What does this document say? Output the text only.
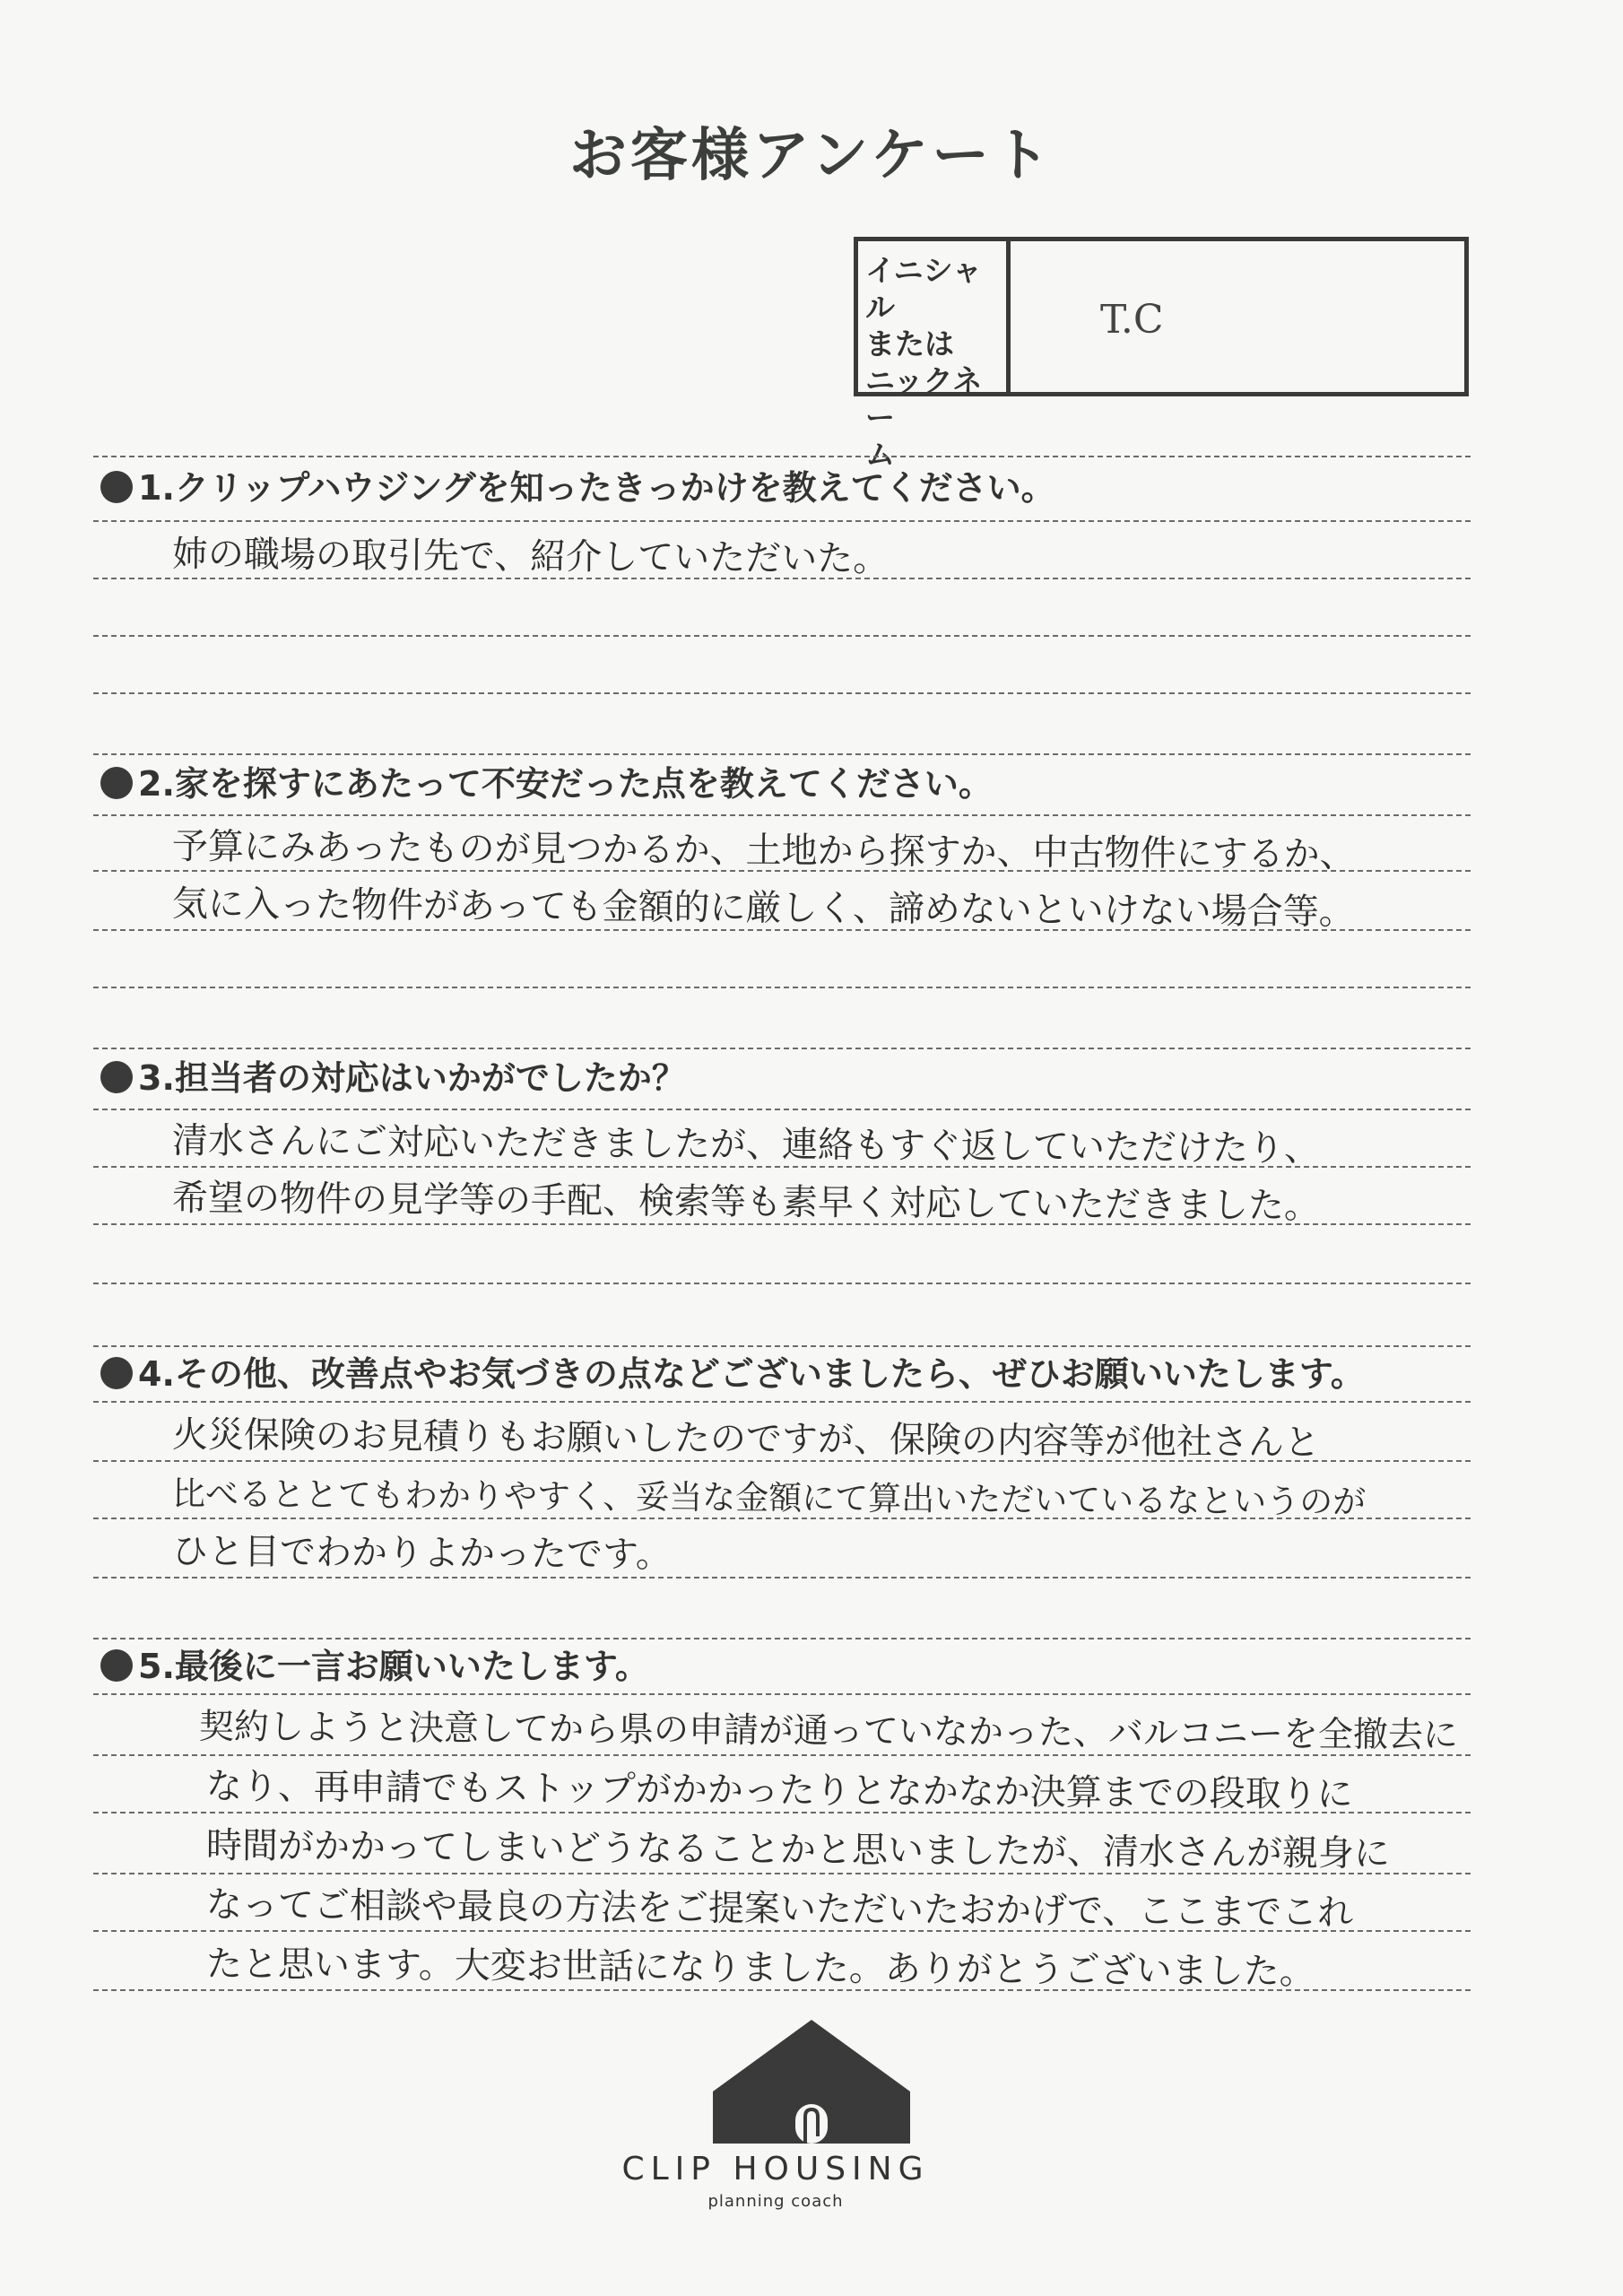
お客様アンケート
イニシャル
または
ニックネー
ム
T.C
1.クリップハウジングを知ったきっかけを教えてください。
姉の職場の取引先で、紹介していただいた。
2.家を探すにあたって不安だった点を教えてください。
予算にみあったものが見つかるか、土地から探すか、中古物件にするか、
気に入った物件があっても金額的に厳しく、諦めないといけない場合等。
3.担当者の対応はいかがでしたか？
清水さんにご対応いただきましたが、連絡もすぐ返していただけたり、
希望の物件の見学等の手配、検索等も素早く対応していただきました。
4.その他、改善点やお気づきの点などございましたら、ぜひお願いいたします。
火災保険のお見積りもお願いしたのですが、保険の内容等が他社さんと
比べるととてもわかりやすく、妥当な金額にて算出いただいているなというのが
ひと目でわかりよかったです。
5.最後に一言お願いいたします。
契約しようと決意してから県の申請が通っていなかった、バルコニーを全撤去に
なり、再申請でもストップがかかったりとなかなか決算までの段取りに
時間がかかってしまいどうなることかと思いましたが、清水さんが親身に
なってご相談や最良の方法をご提案いただいたおかげで、ここまでこれ
たと思います。大変お世話になりました。ありがとうございました。
CLIP HOUSING
planning coach
